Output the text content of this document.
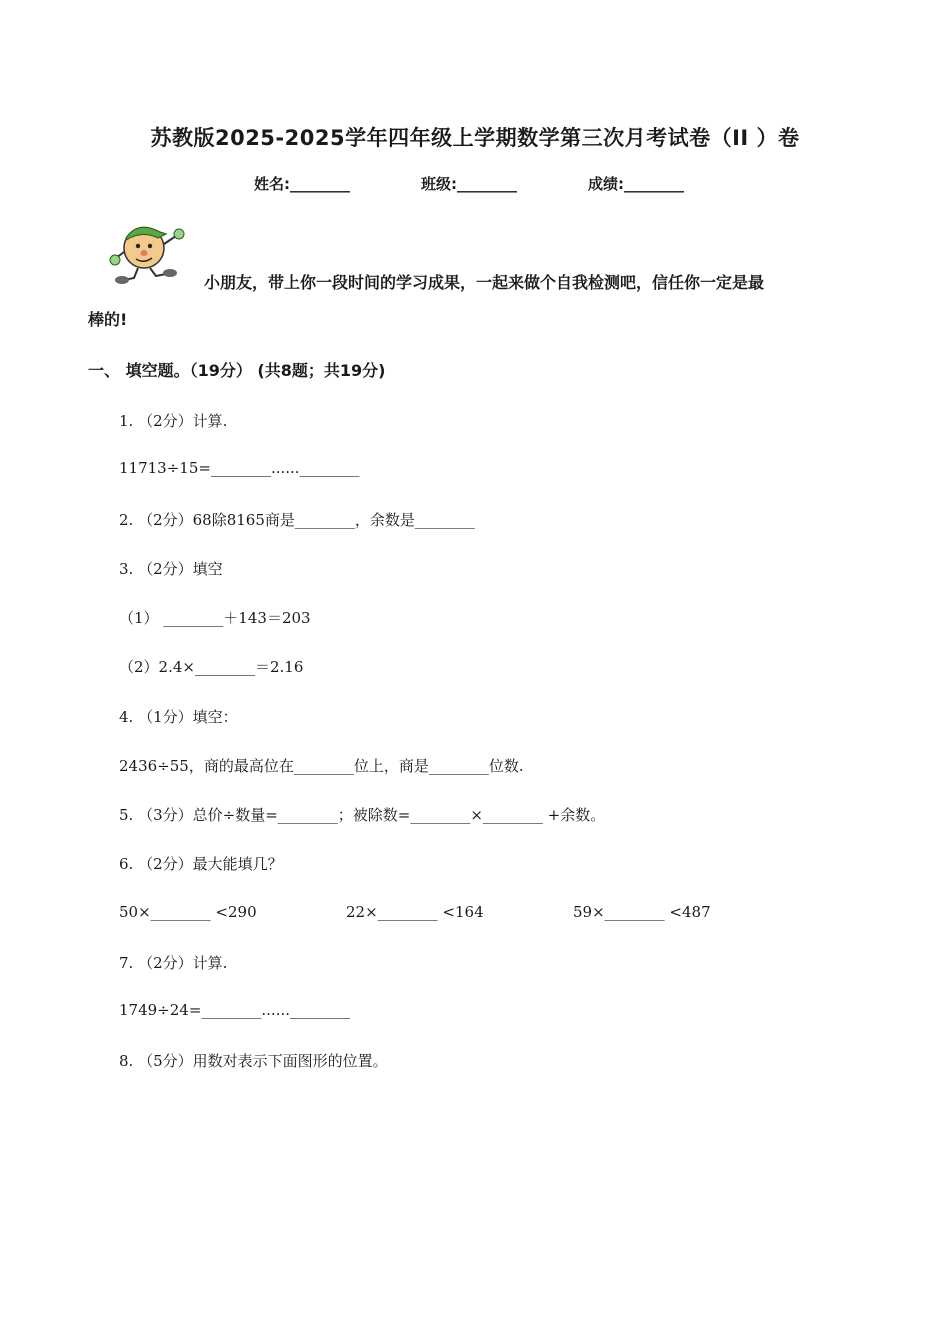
苏教版2025-2025学年四年级上学期数学第三次月考试卷（II ）卷
姓名:________	班级:________	成绩:________
小朋友，带上你一段时间的学习成果，一起来做个自我检测吧，信任你一定是最
棒的!
一、 填空题。（19分） (共8题；共19分)
1. （2分）计算.
11713÷15=________......________
2. （2分）68除8165商是________，余数是________
3. （2分）填空
（1） ________＋143＝203
（2）2.4×________＝2.16
4. （1分）填空：
2436÷55，商的最高位在________位上，商是________位数.
5. （3分）总价÷数量=________；被除数=________×________ +余数。
6. （2分）最大能填几？
50×________ <290	22×________ <164	59×________ <487
7. （2分）计算.
1749÷24=________......________
8. （5分）用数对表示下面图形的位置。
